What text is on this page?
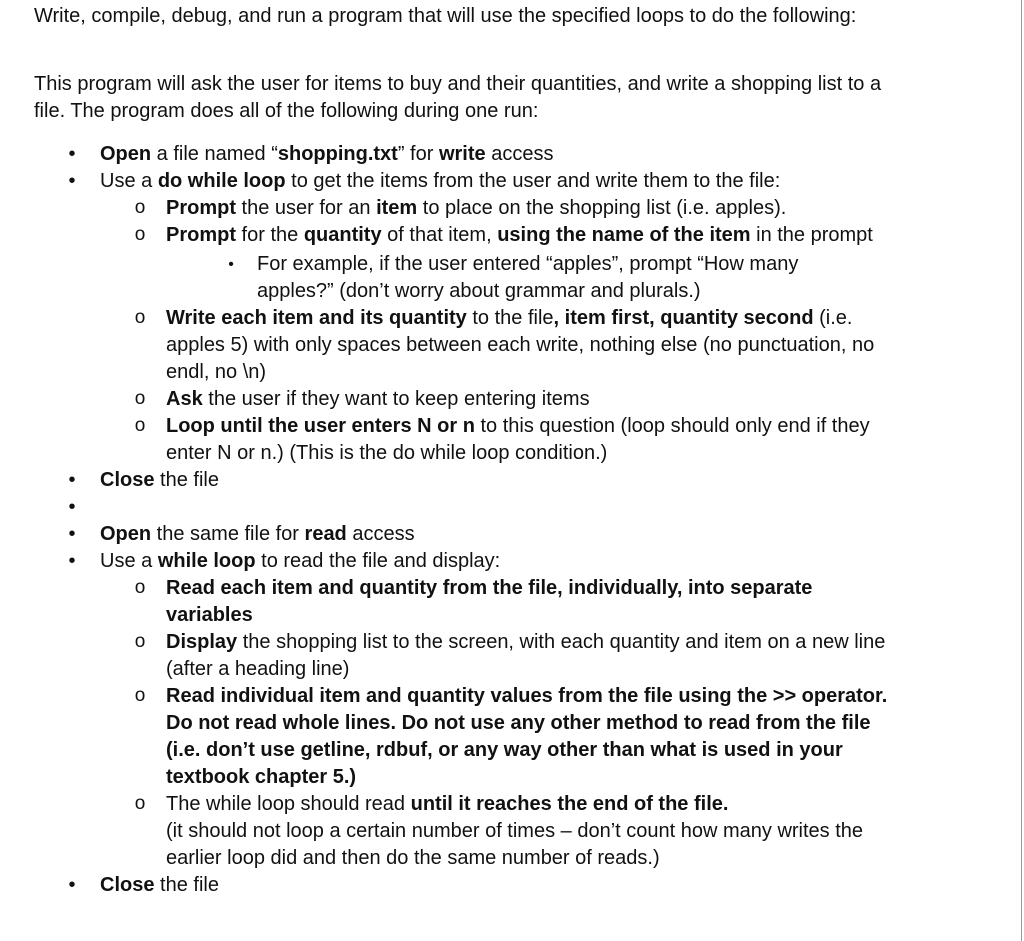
Write, compile, debug, and run a program that will use the specified loops to do the following:

This program will ask the user for items to buy and their quantities, and write a shopping list to a file. The program does all of the following during one run:

• Open a file named “shopping.txt” for write access
• Use a do while loop to get the items from the user and write them to the file:
o Prompt the user for an item to place on the shopping list (i.e. apples).
o Prompt for the quantity of that item, using the name of the item in the prompt
• For example, if the user entered “apples”, prompt “How many apples?” (don’t worry about grammar and plurals.)
o Write each item and its quantity to the file, item first, quantity second (i.e. apples 5) with only spaces between each write, nothing else (no punctuation, no endl, no \n)
o Ask the user if they want to keep entering items
o Loop until the user enters N or n to this question (loop should only end if they enter N or n.) (This is the do while loop condition.)
• Close the file
•
• Open the same file for read access
• Use a while loop to read the file and display:
o Read each item and quantity from the file, individually, into separate variables
o Display the shopping list to the screen, with each quantity and item on a new line (after a heading line)
o Read individual item and quantity values from the file using the >> operator. Do not read whole lines. Do not use any other method to read from the file (i.e. don’t use getline, rdbuf, or any way other than what is used in your textbook chapter 5.)
o The while loop should read until it reaches the end of the file.
(it should not loop a certain number of times – don’t count how many writes the earlier loop did and then do the same number of reads.)
• Close the file
